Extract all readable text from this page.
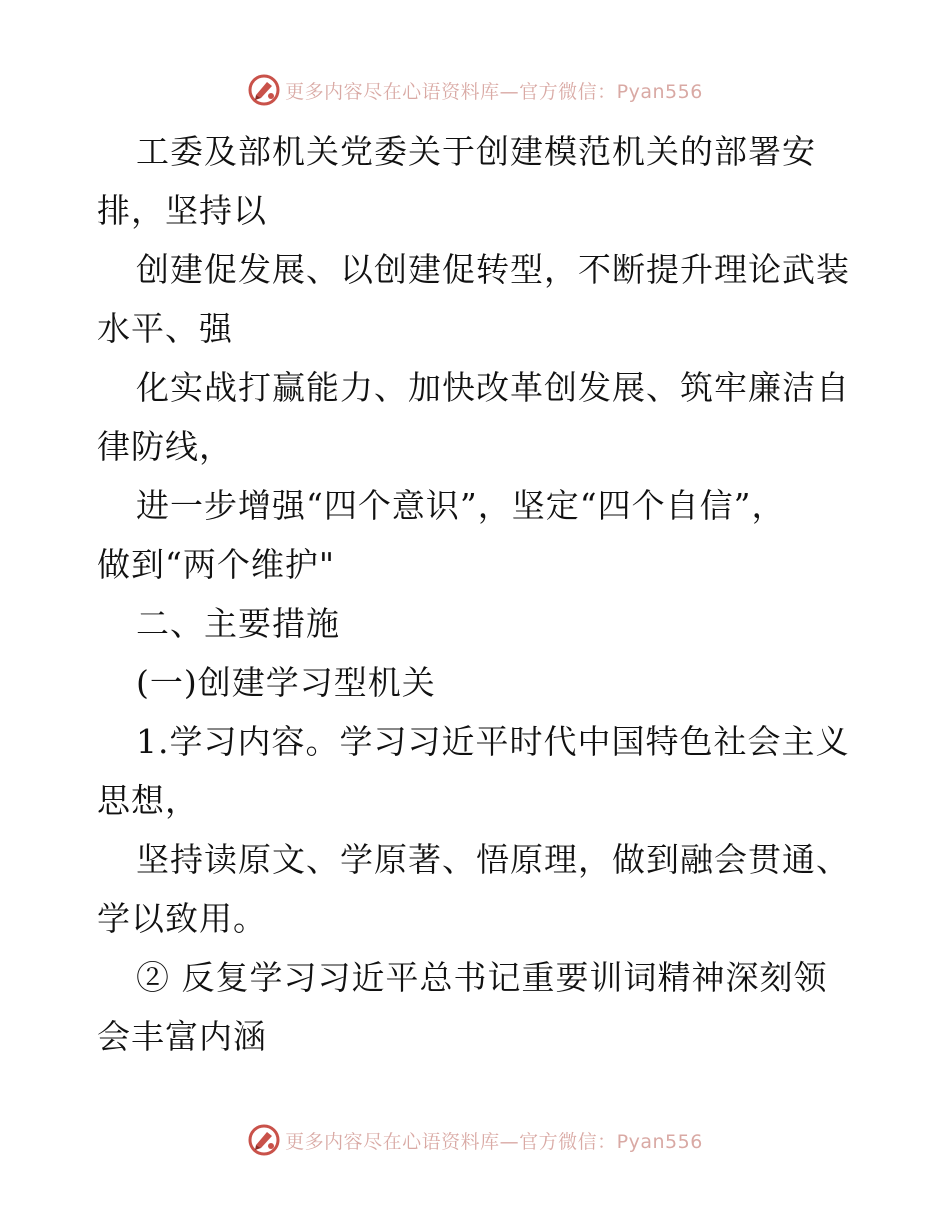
更多内容尽在心语资料库—官方微信：Pyan556
工委及部机关党委关于创建模范机关的部署安
排，坚持以
创建促发展、以创建促转型，不断提升理论武装
水平、强
化实战打赢能力、加快改革创发展、筑牢廉洁自
律防线，
进一步增强“四个意识”，坚定“四个自信”，
做到“两个维护"
二、主要措施
(一)创建学习型机关
1.学习内容。学习习近平时代中国特色社会主义
思想，
坚持读原文、学原著、悟原理，做到融会贯通、
学以致用。
② 反复学习习近平总书记重要训词精神深刻领
会丰富内涵
更多内容尽在心语资料库—官方微信：Pyan556
